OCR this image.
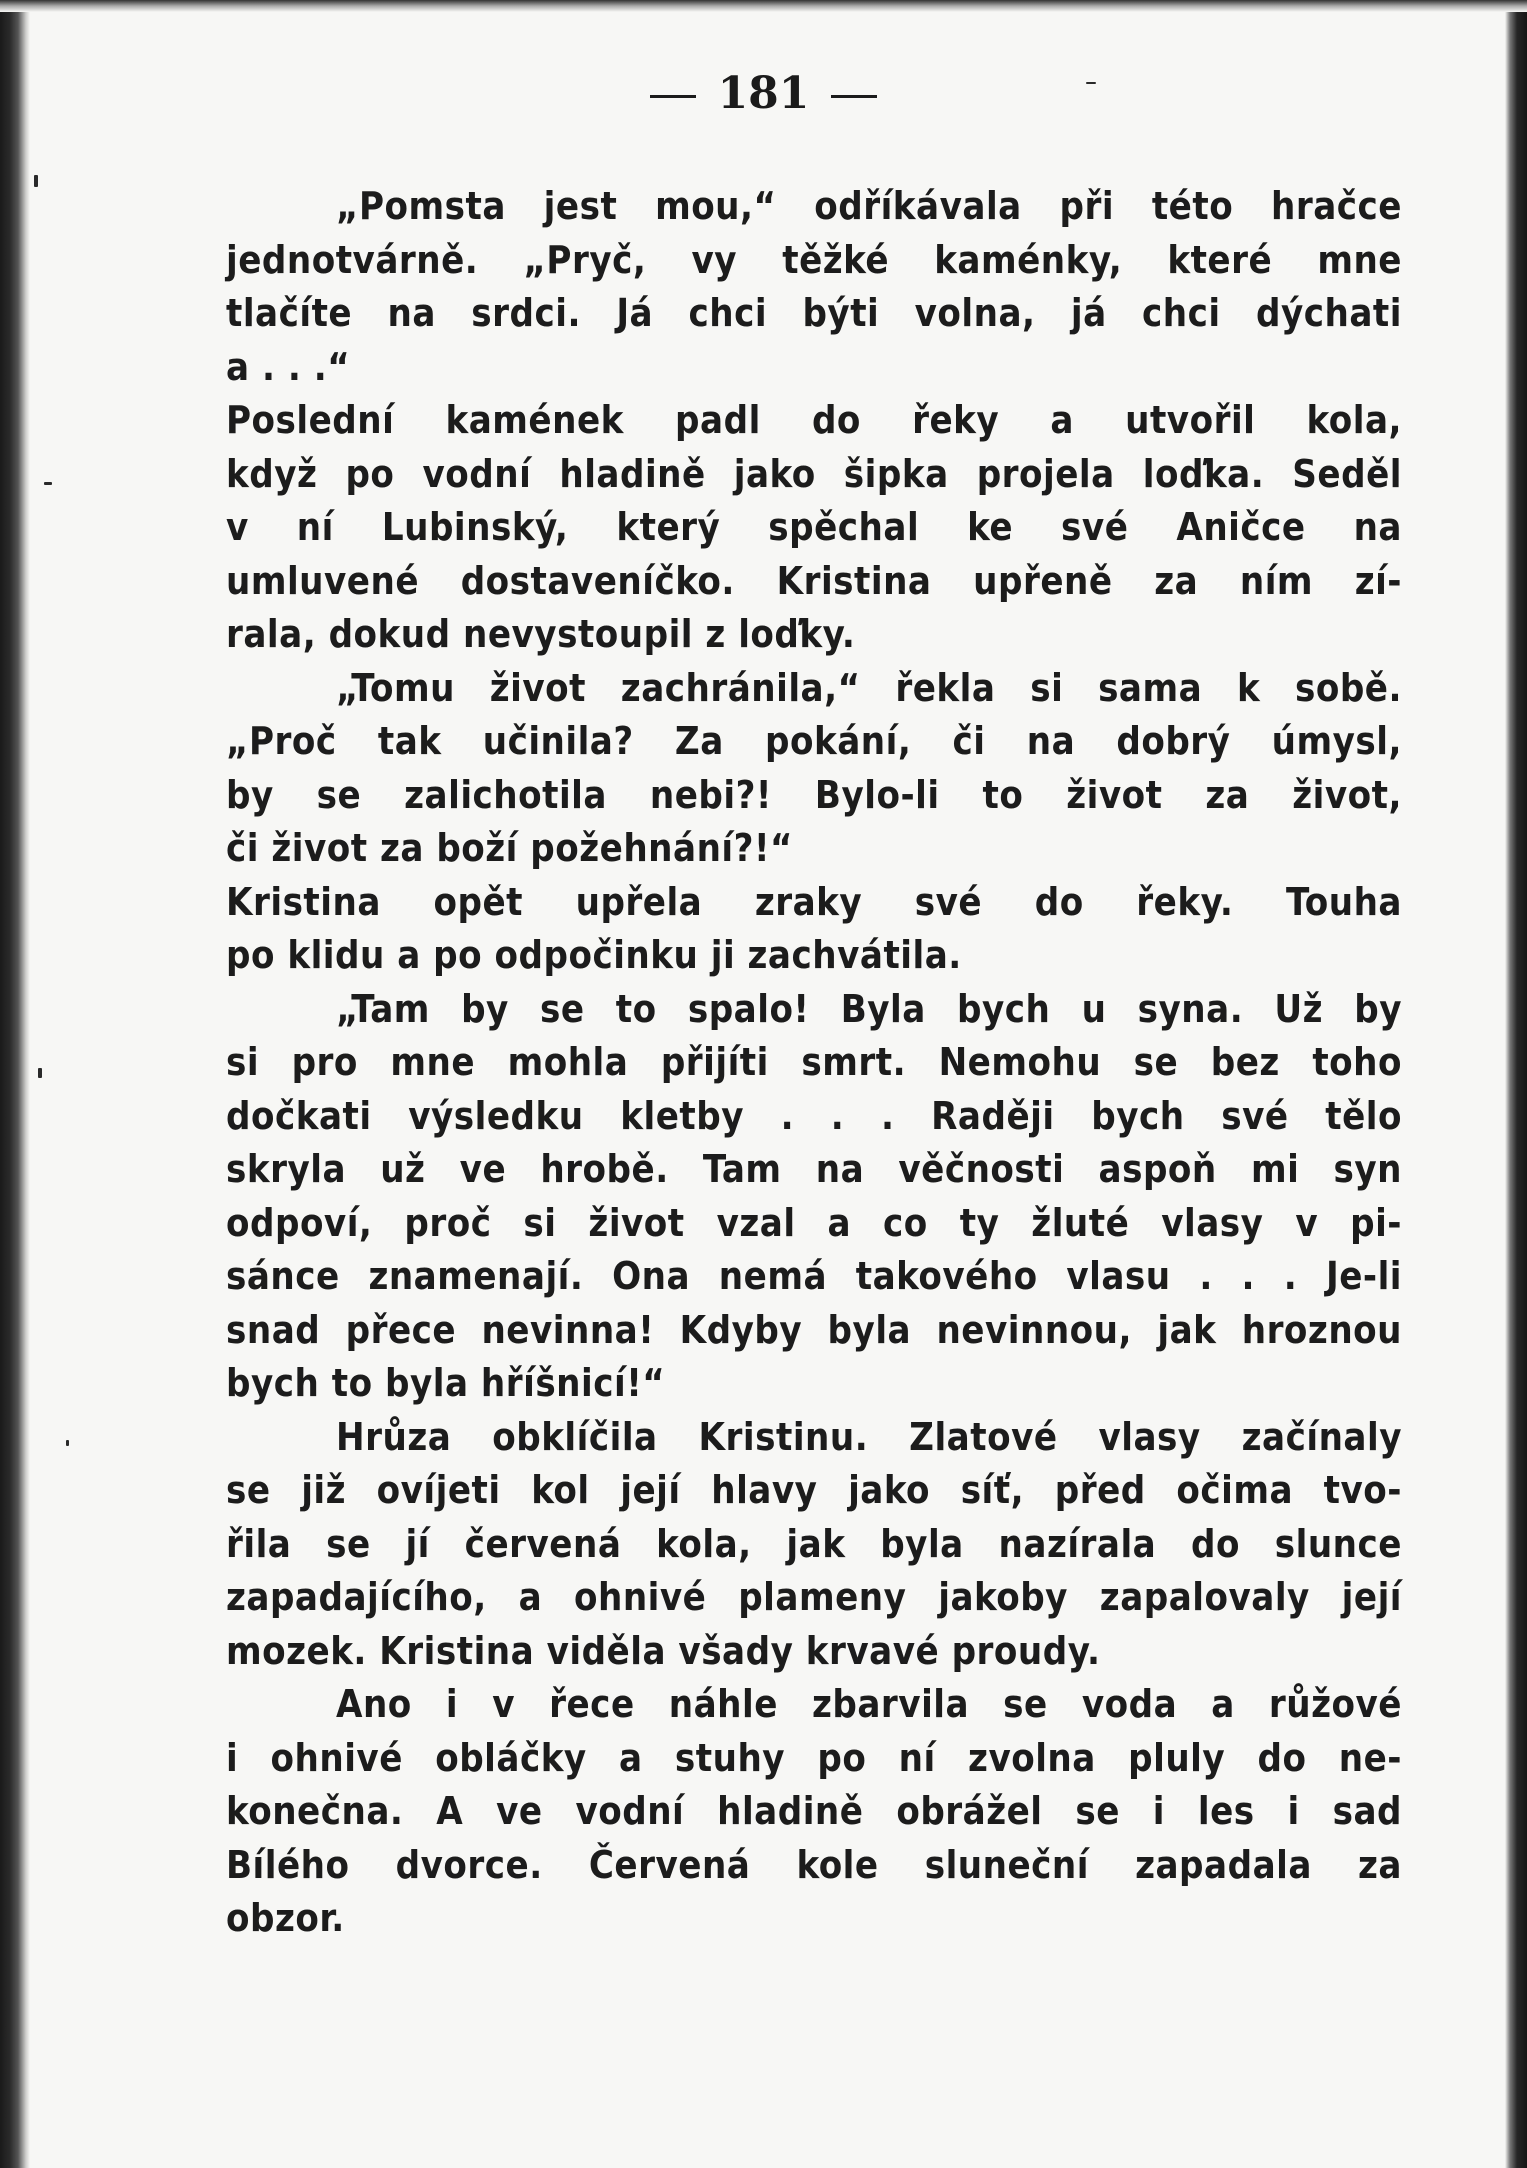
181
„Pomsta jest mou,“ odříkávala při této hračce
jednotvárně. „Pryč, vy těžké kaménky, které mne
tlačíte na srdci. Já chci býti volna, já chci dýchati
a . . .“
Poslední kamének padl do řeky a utvořil kola,
když po vodní hladině jako šipka projela loďka. Seděl
v ní Lubinský, který spěchal ke své Aničce na
umluvené dostaveníčko. Kristina upřeně za ním zí-
rala, dokud nevystoupil z loďky.
„Tomu život zachránila,“ řekla si sama k sobě.
„Proč tak učinila? Za pokání, či na dobrý úmysl,
by se zalichotila nebi?! Bylo-li to život za život,
či život za boží požehnání?!“
Kristina opět upřela zraky své do řeky. Touha
po klidu a po odpočinku ji zachvátila.
„Tam by se to spalo! Byla bych u syna. Už by
si pro mne mohla přijíti smrt. Nemohu se bez toho
dočkati výsledku kletby . . . Raději bych své tělo
skryla už ve hrobě. Tam na věčnosti aspoň mi syn
odpoví, proč si život vzal a co ty žluté vlasy v pi-
sánce znamenají. Ona nemá takového vlasu . . . Je-li
snad přece nevinna! Kdyby byla nevinnou, jak hroznou
bych to byla hříšnicí!“
Hrůza obklíčila Kristinu. Zlatové vlasy začínaly
se již ovíjeti kol její hlavy jako síť, před očima tvo-
řila se jí červená kola, jak byla nazírala do slunce
zapadajícího, a ohnivé plameny jakoby zapalovaly její
mozek. Kristina viděla všady krvavé proudy.
Ano i v řece náhle zbarvila se voda a růžové
i ohnivé obláčky a stuhy po ní zvolna pluly do ne-
konečna. A ve vodní hladině obrážel se i les i sad
Bílého dvorce. Červená kole sluneční zapadala za
obzor.
